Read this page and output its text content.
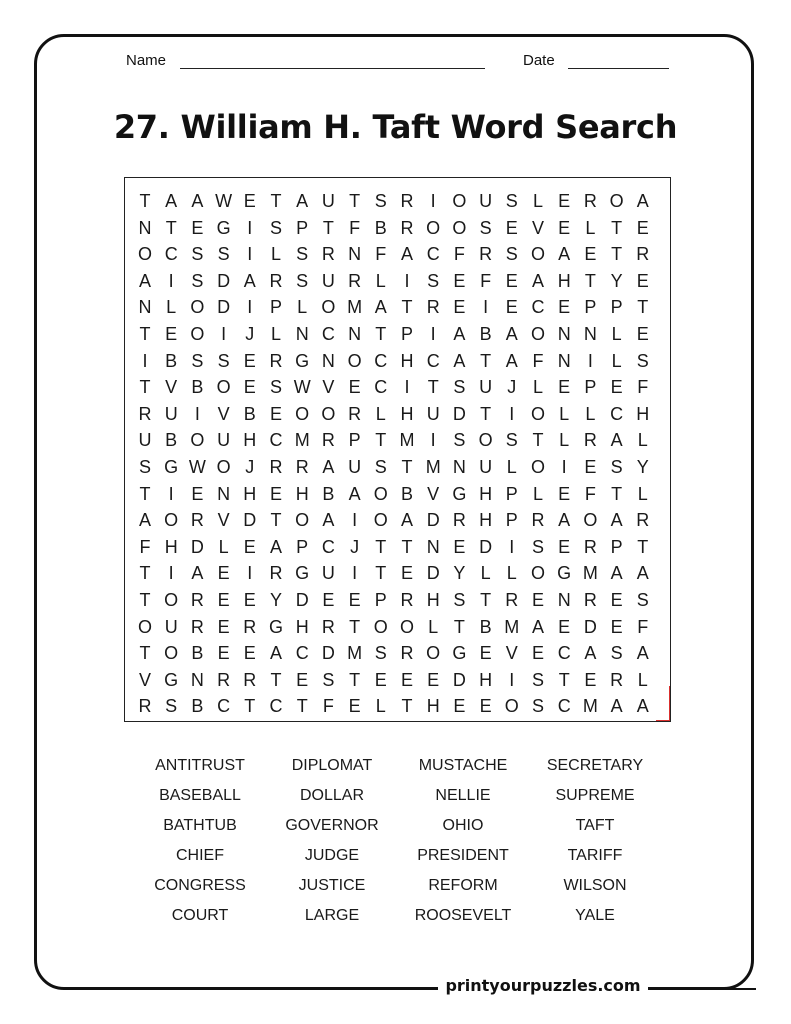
Name	Date
27. William H. Taft Word Search
T A A W E T A U T S R I O U S L E R O A
N T E G I S P T F B R O O S E V E L T E
O C S S I	L S R N F A C F R S O A E T R
A I S D A R S U R L	I S E F E A H T Y E
N L O D I P L O M A T R E I E C E P P T
T E O I	J L N C N T P I A B A O N N L E
I B S S E R G N O C H C A T A F N I	L S
T V B O E S W V E C I	T S U J L E P E F
R U I V B E O O R L H U D T	I O L L C H
U B O U H C M R P T M I S O S T L R A L
S G W O J R R A U S T M N U L O I E S Y
T	I E N H E H B A O B V G H P L E F T L
A O R V D T O A I O A D R H P R A O A R
F H D L E A P C J T T N E D I S E R P T
T	I A E I R G U I	T E D Y L L O G M A A
T O R E E Y D E E P R H S T R E N R E S
O U R E R G H R T O O L T B M A E D E F
T O B E E A C D M S R O G E V E C A S A
V G N R R T E S T E E E D H I S T E R L
R S B C T C T F E L T H E E O S C M A A
ANTITRUST	DIPLOMAT	MUSTACHE	SECRETARY
BASEBALL	DOLLAR	NELLIE	SUPREME
BATHTUB	GOVERNOR	OHIO	TAFT
CHIEF	JUDGE	PRESIDENT	TARIFF
CONGRESS	JUSTICE	REFORM	WILSON
COURT	LARGE	ROOSEVELT	YALE
printyourpuzzles.com
